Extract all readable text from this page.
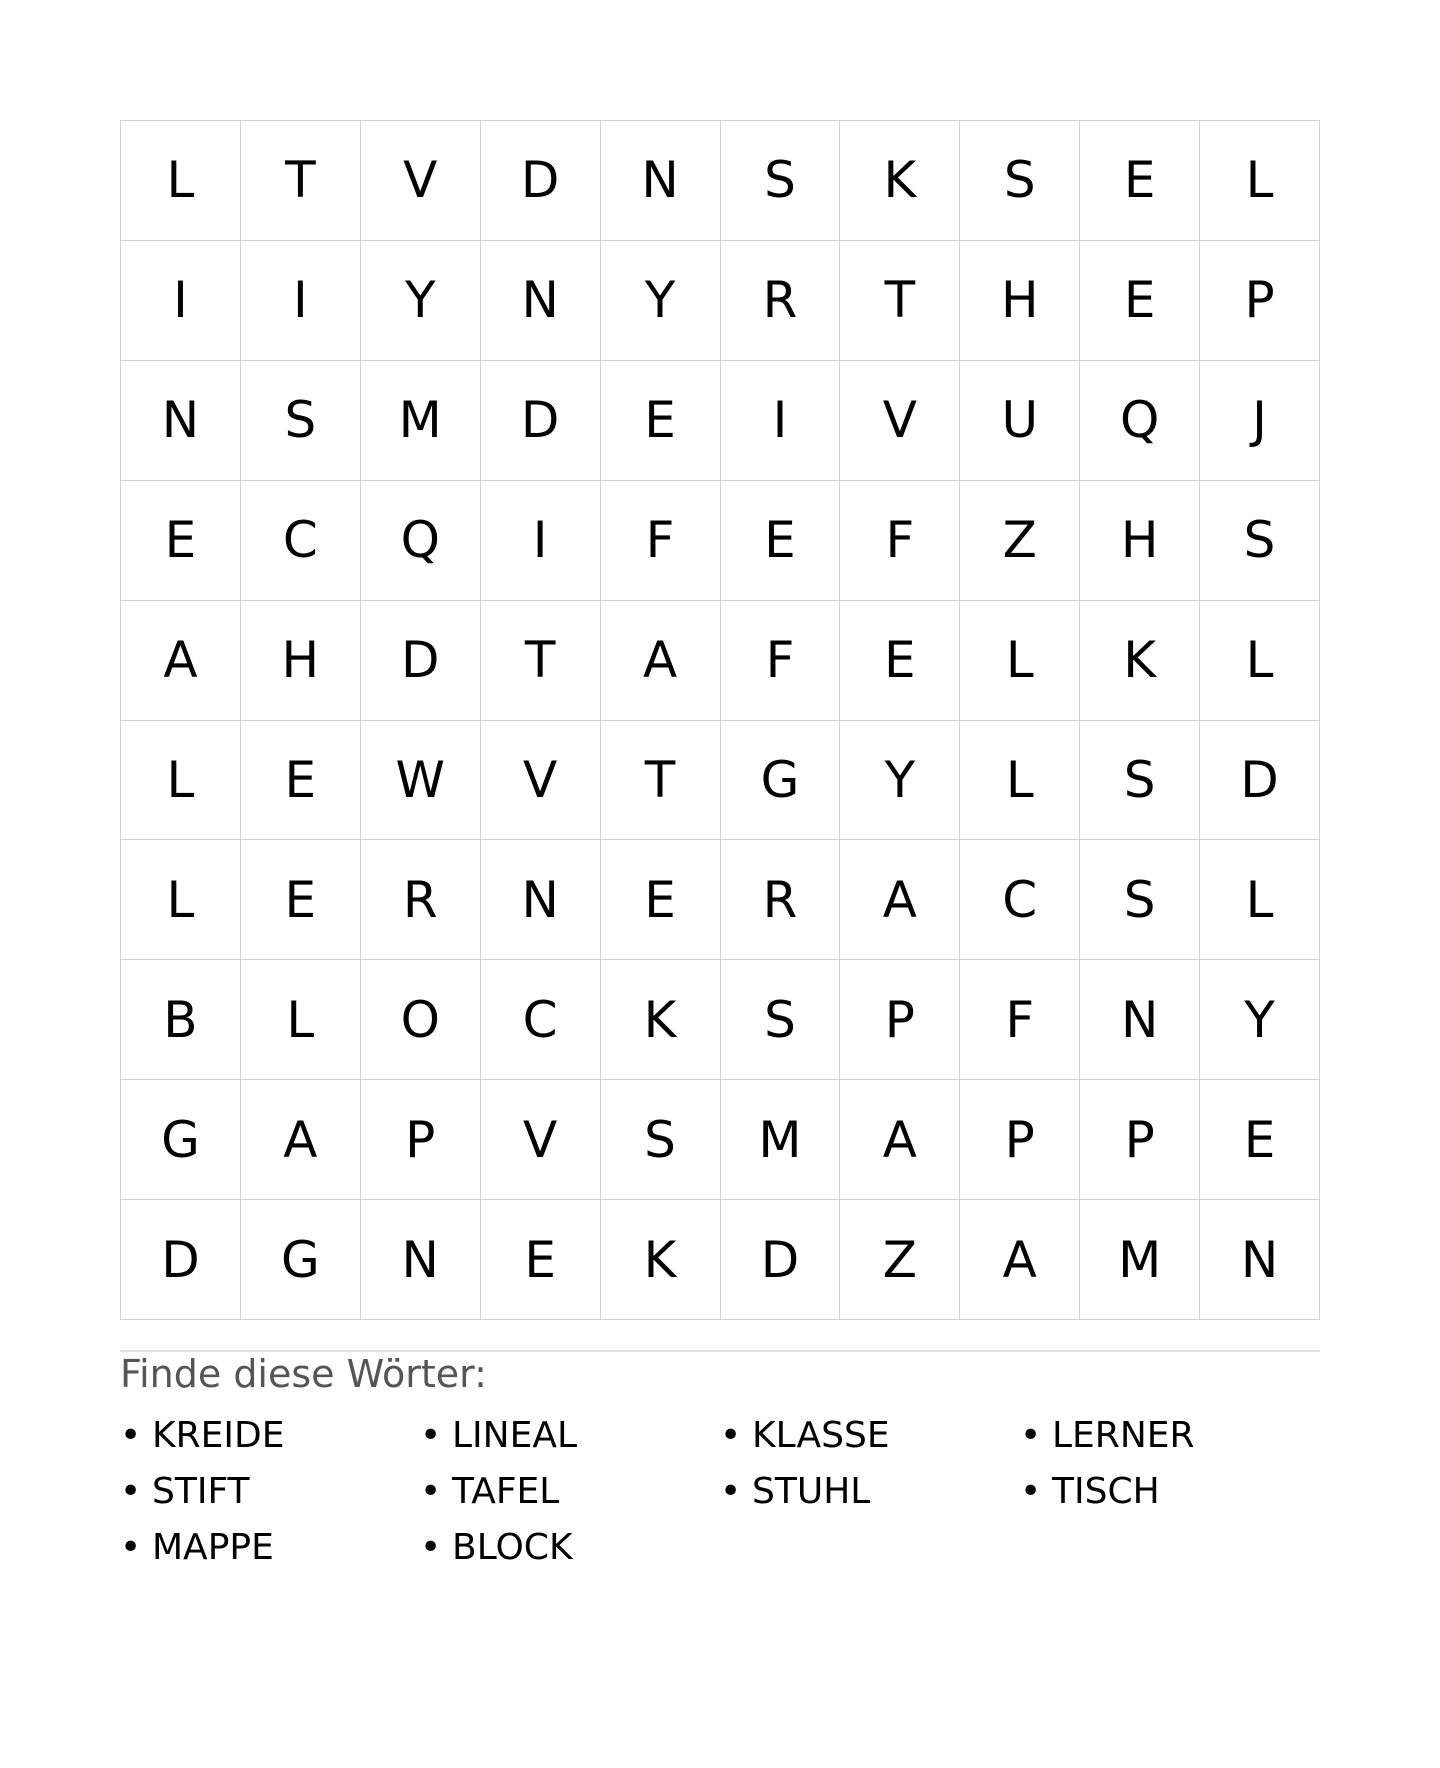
L	T	V	D	N	S	K	S	E	L
I	I	Y	N	Y	R	T	H	E	P
N	S	M	D	E	I	V	U	Q	J
E	C	Q	I	F	E	F	Z	H	S
A	H	D	T	A	F	E	L	K	L
L	E	W	V	T	G	Y	L	S	D
L	E	R	N	E	R	A	C	S	L
B	L	O	C	K	S	P	F	N	Y
G	A	P	V	S	M	A	P	P	E
D	G	N	E	K	D	Z	A	M	N
Finde diese Wörter:
• KREIDE	• LINEAL	• KLASSE	• LERNER
• STIFT	• TAFEL	• STUHL	• TISCH
• MAPPE	• BLOCK
